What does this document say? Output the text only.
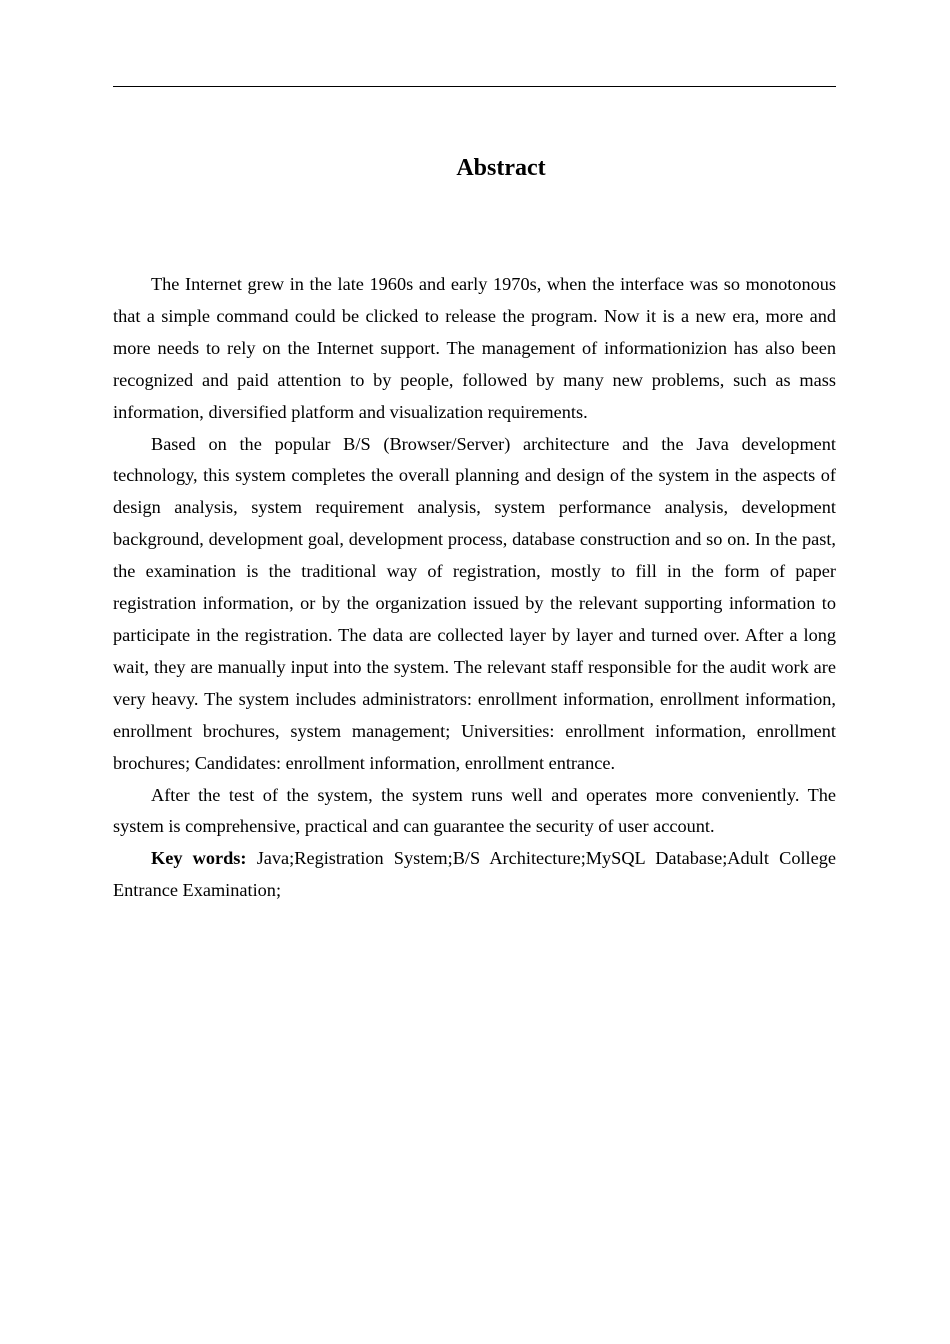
Abstract

The Internet grew in the late 1960s and early 1970s, when the interface was so monotonous that a simple command could be clicked to release the program. Now it is a new era, more and more needs to rely on the Internet support. The management of informationizion has also been recognized and paid attention to by people, followed by many new problems, such as mass information, diversified platform and visualization requirements.

Based on the popular B/S (Browser/Server) architecture and the Java development technology, this system completes the overall planning and design of the system in the aspects of design analysis, system requirement analysis, system performance analysis, development background, development goal, development process, database construction and so on. In the past, the examination is the traditional way of registration, mostly to fill in the form of paper registration information, or by the organization issued by the relevant supporting information to participate in the registration. The data are collected layer by layer and turned over. After a long wait, they are manually input into the system. The relevant staff responsible for the audit work are very heavy. The system includes administrators: enrollment information, enrollment information, enrollment brochures, system management; Universities: enrollment information, enrollment brochures; Candidates: enrollment information, enrollment entrance.

After the test of the system, the system runs well and operates more conveniently. The system is comprehensive, practical and can guarantee the security of user account.

Key words: Java;Registration System;B/S Architecture;MySQL Database;Adult College Entrance Examination;
